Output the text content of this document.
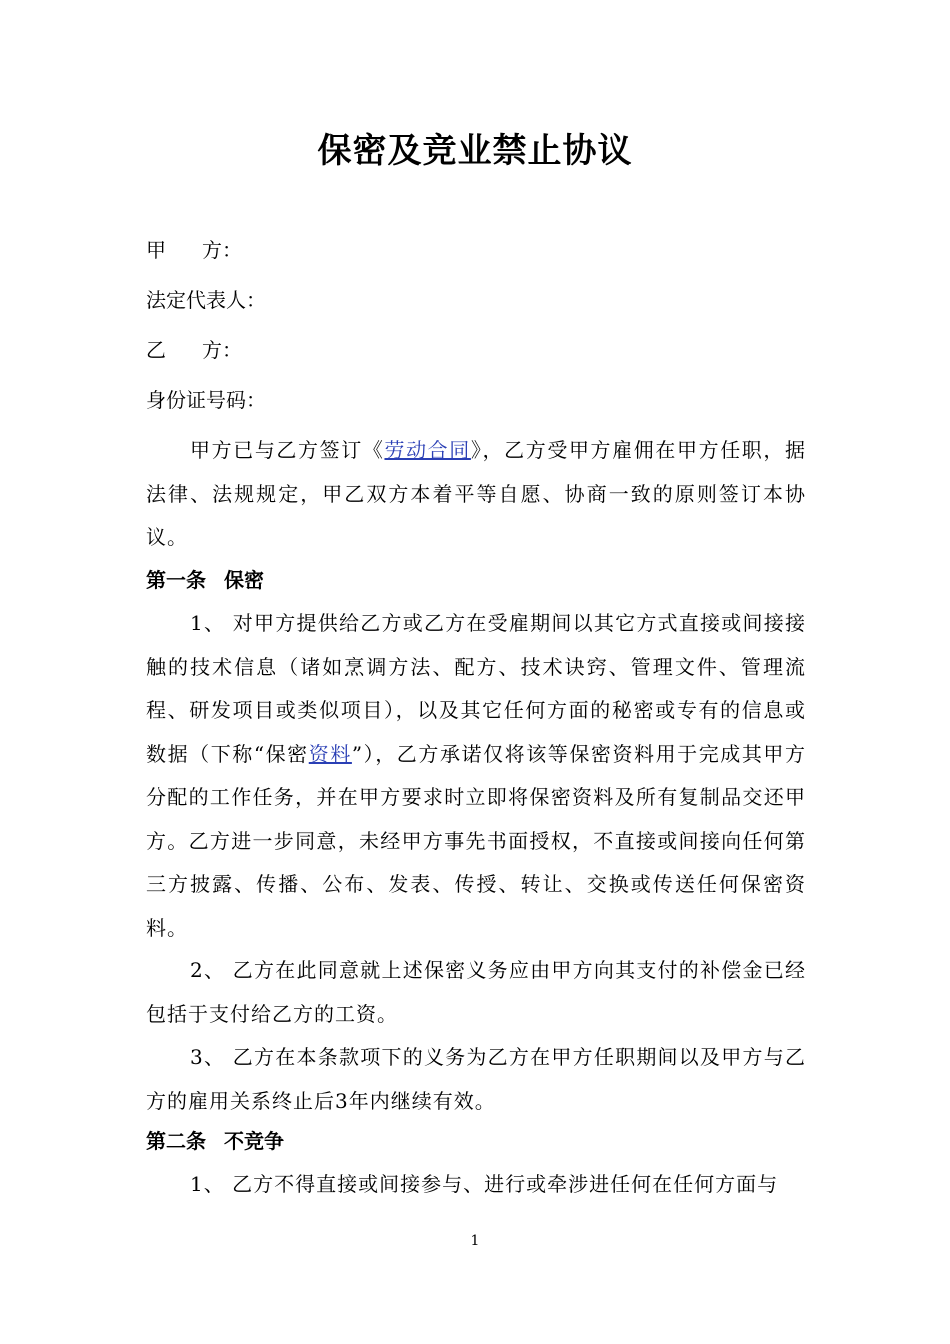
保密及竞业禁止协议
甲 方：
法定代表人：
乙 方：
身份证号码：
甲方已与乙方签订《劳动合同》，乙方受甲方雇佣在甲方任职，据法律、法规规定，甲乙双方本着平等自愿、协商一致的原则签订本协议。
第一条 保密
1、 对甲方提供给乙方或乙方在受雇期间以其它方式直接或间接接触的技术信息（诸如烹调方法、配方、技术诀窍、管理文件、管理流程、研发项目或类似项目），以及其它任何方面的秘密或专有的信息或数据（下称“保密资料”），乙方承诺仅将该等保密资料用于完成其甲方分配的工作任务，并在甲方要求时立即将保密资料及所有复制品交还甲方。乙方进一步同意，未经甲方事先书面授权，不直接或间接向任何第三方披露、传播、公布、发表、传授、转让、交换或传送任何保密资料。
2、 乙方在此同意就上述保密义务应由甲方向其支付的补偿金已经包括于支付给乙方的工资。
3、 乙方在本条款项下的义务为乙方在甲方任职期间以及甲方与乙方的雇用关系终止后3年内继续有效。
第二条 不竞争
1、 乙方不得直接或间接参与、进行或牵涉进任何在任何方面与
1
